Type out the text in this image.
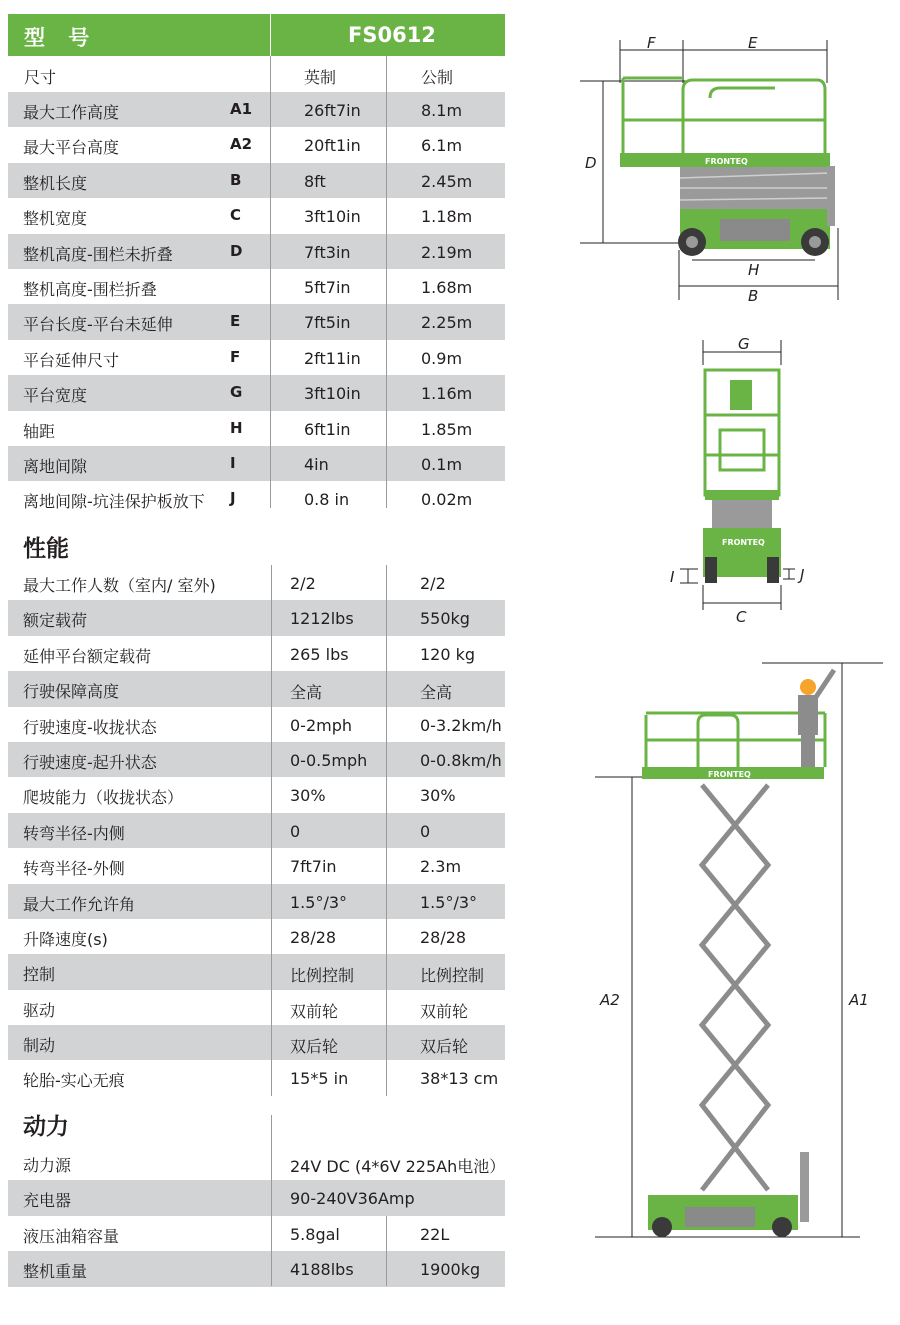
型 号	FS0612
尺寸	英制	公制
最大工作高度	A1	26ft7in	8.1m
最大平台高度	A2	20ft1in	6.1m
整机长度	B	8ft	2.45m
整机宽度	C	3ft10in	1.18m
整机高度-围栏未折叠	D	7ft3in	2.19m
整机高度-围栏折叠	5ft7in	1.68m
平台长度-平台未延伸	E	7ft5in	2.25m
平台延伸尺寸	F	2ft11in	0.9m
平台宽度	G	3ft10in	1.16m
轴距	H	6ft1in	1.85m
离地间隙	I	4in	0.1m
离地间隙-坑洼保护板放下 J	0.8 in	0.02m
性能
最大工作人数（室内/ 室外)	2/2	2/2
额定载荷	1212lbs	550kg
延伸平台额定载荷	265 lbs	120 kg
行驶保障高度	全高	全高
行驶速度-收拢状态	0-2mph	0-3.2km/h
行驶速度-起升状态	0-0.5mph	0-0.8km/h
爬坡能力（收拢状态）	30%	30%
转弯半径-内侧	0	0
转弯半径-外侧	7ft7in	2.3m
最大工作允许角	1.5°/3°	1.5°/3°
升降速度(s)	28/28	28/28
控制	比例控制	比例控制
驱动	双前轮	双前轮
制动	双后轮	双后轮
轮胎-实心无痕	15*5 in	38*13 cm
动力
动力源	24V DC (4*6V 225Ah电池）
充电器	90-240V36Amp
液压油箱容量	5.8gal	22L
整机重量	4188lbs	1900kg
F	E
D	FRONTEQ
H
B
G
FRONTEQ
C
I	J
A2	A1
FRONTEQ
